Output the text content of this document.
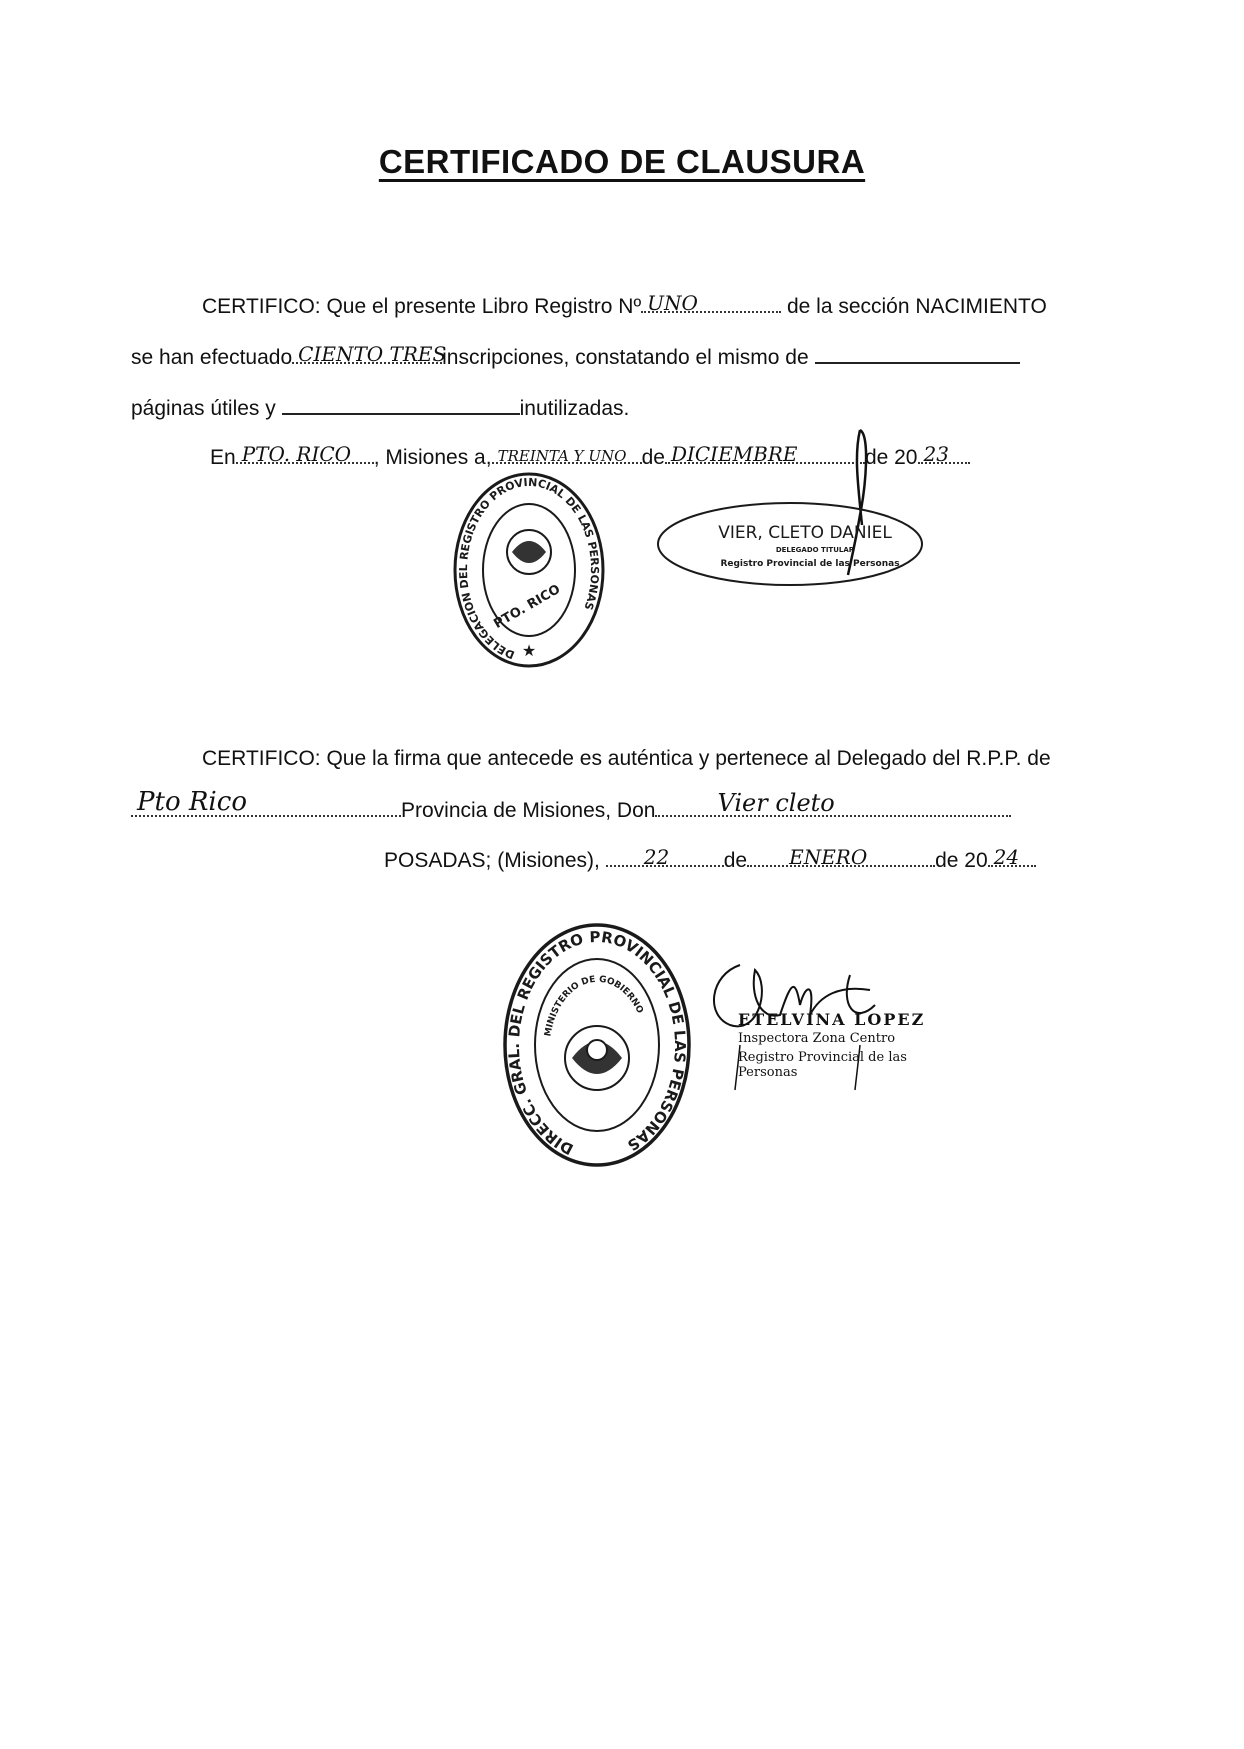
CERTIFICADO DE CLAUSURA
CERTIFICO: Que el presente Libro Registro Nº UNO	de la sección NACIMIENTO
se han efectuado CIENTO TRES
inscripciones, constatando el mismo de
páginas útiles y	inutilizadas.
En PTO. RICO , Misiones a, TREINTA Y UNO de DICIEMBRE	de 20 23
DELEGACION DEL REGISTRO PROVINCIAL DE LAS PERSONAS
PTO. RICO
★
VIER, CLETO DANIEL
DELEGADO TITULAR
Registro Provincial de las Personas
CERTIFICO: Que la firma que antecede es auténtica y pertenece al Delegado del R.P.P. de
Pto Rico	Provincia de Misiones, Don	Vier cleto
POSADAS; (Misiones), 22	de ENERO	de 20 24
DIRECC. GRAL. DEL REGISTRO PROVINCIAL DE LAS PERSONAS
MINISTERIO DE GOBIERNO
ETELVINA LOPEZ
Inspectora Zona Centro
Registro Provincial de las Personas
